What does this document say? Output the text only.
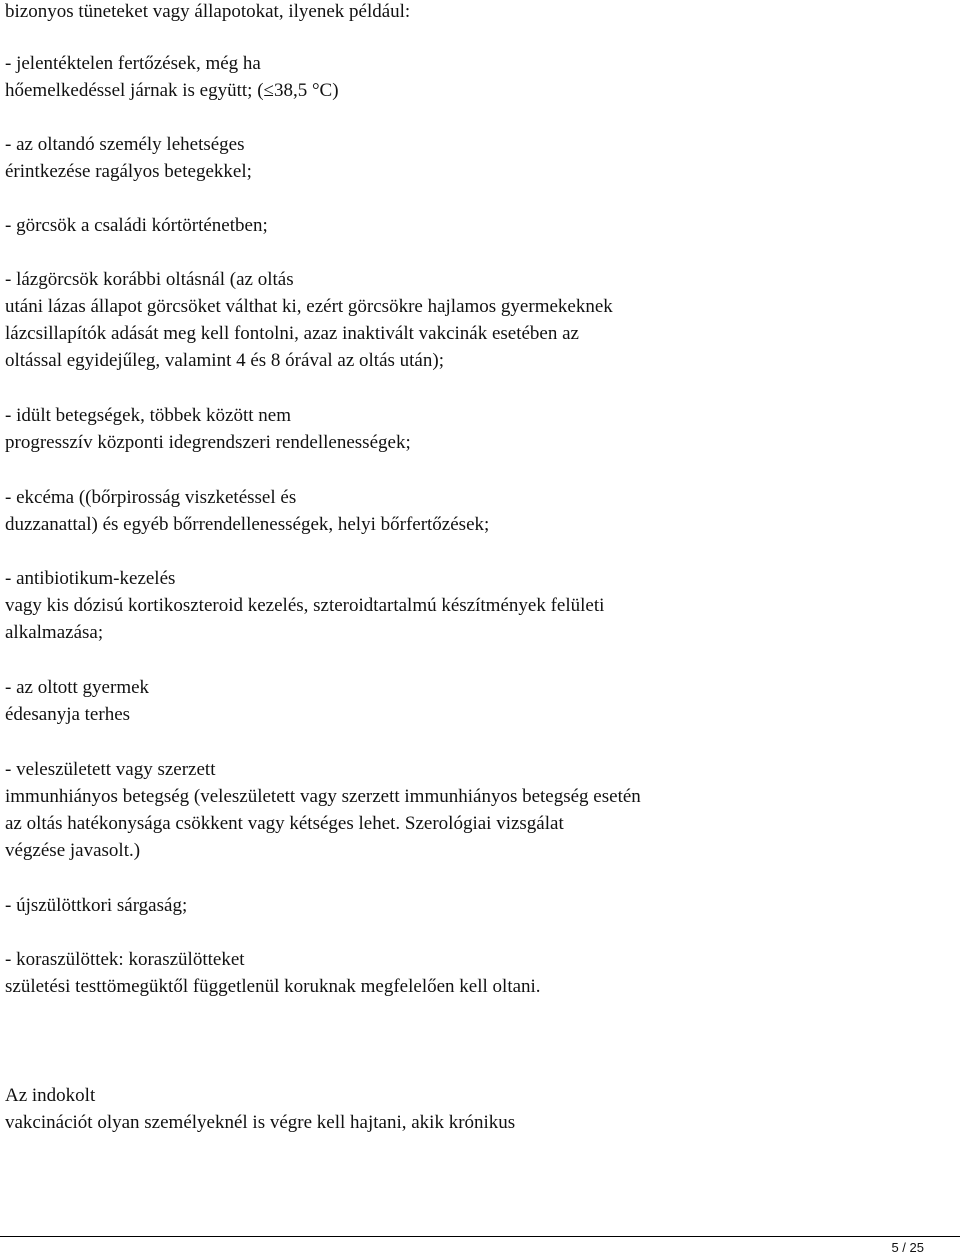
bizonyos tüneteket vagy állapotokat, ilyenek például:
- jelentéktelen fertőzések, még ha
hőemelkedéssel járnak is együtt; (≤38,5 °C)
- az oltandó személy lehetséges
érintkezése ragályos betegekkel;
- görcsök a családi kórtörténetben;
- lázgörcsök korábbi oltásnál (az oltás
utáni lázas állapot görcsöket válthat ki, ezért görcsökre hajlamos gyermekeknek
lázcsillapítók adását meg kell fontolni, azaz inaktivált vakcinák esetében az
oltással egyidejűleg, valamint 4 és 8 órával az oltás után);
- idült betegségek, többek között nem
progresszív központi idegrendszeri rendellenességek;
- ekcéma ((bőrpirosság viszketéssel és
duzzanattal) és egyéb bőrrendellenességek, helyi bőrfertőzések;
- antibiotikum-kezelés
vagy kis dózisú kortikoszteroid kezelés, szteroidtartalmú készítmények felületi
alkalmazása;
- az oltott gyermek
édesanyja terhes
- veleszületett vagy szerzett
immunhiányos betegség (veleszületett vagy szerzett immunhiányos betegség esetén
az oltás hatékonysága csökkent vagy kétséges lehet. Szerológiai vizsgálat
végzése javasolt.)
- újszülöttkori sárgaság;
- koraszülöttek: koraszülötteket
születési testtömegüktől függetlenül koruknak megfelelően kell oltani.
Az indokolt
vakcinációt olyan személyeknél is végre kell hajtani, akik krónikus
5 / 25
